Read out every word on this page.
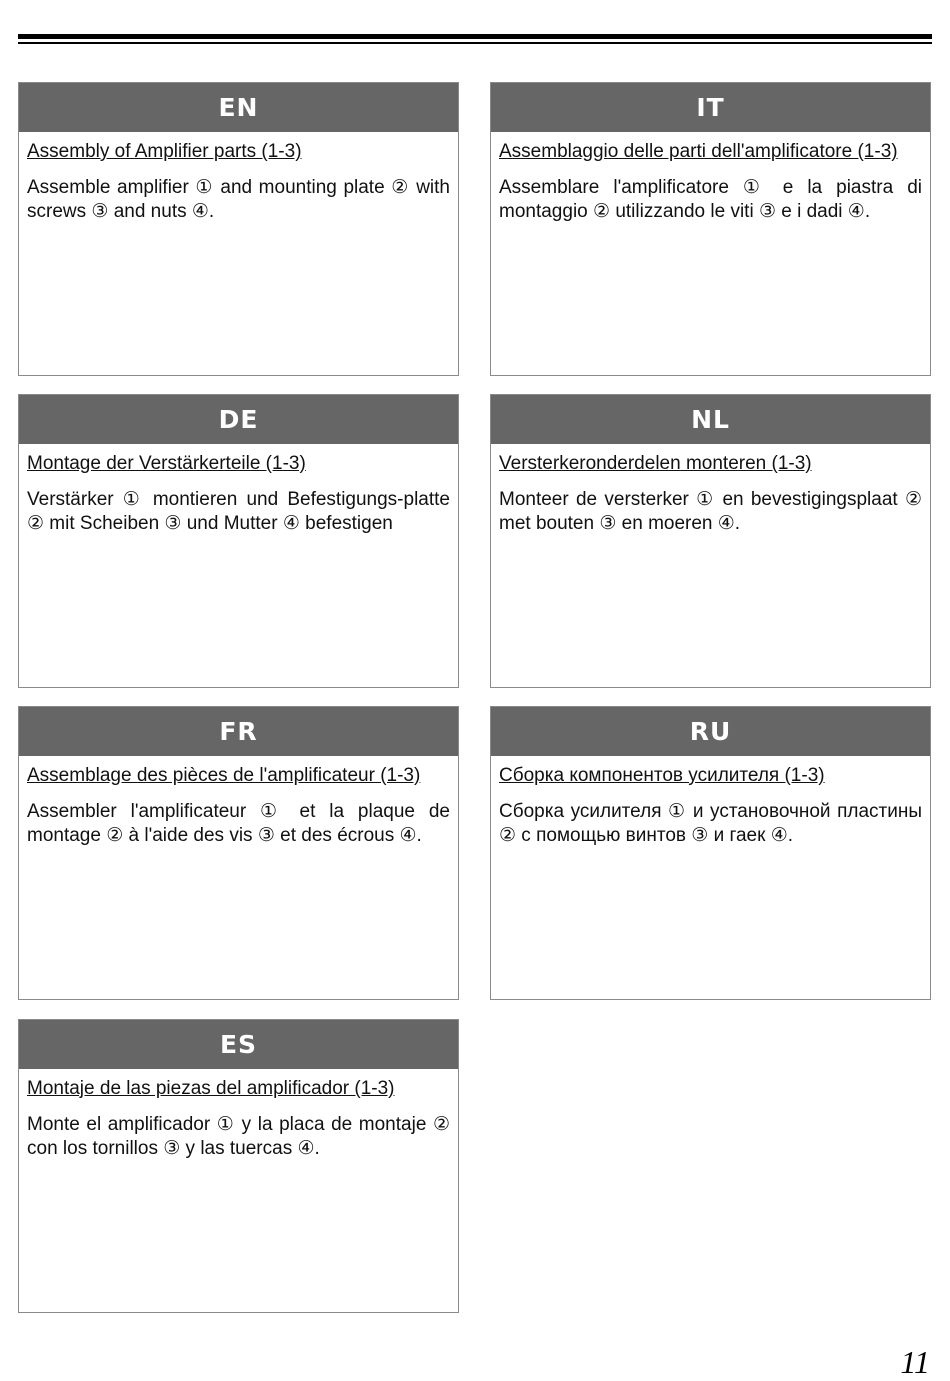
EN

Assembly of Amplifier parts (1-3)

Assemble amplifier ① and mounting plate ② with screws ③ and nuts ④.

IT

Assemblaggio delle parti dell'amplificatore (1-3)

Assemblare l'amplificatore ① e la piastra di montaggio ② utilizzando le viti ③ e i dadi ④.

DE

Montage der Verstärkerteile (1-3)

Verstärker ① montieren und Befestigungs-platte ② mit Scheiben ③ und Mutter ④ befestigen

NL

Versterkeronderdelen monteren (1-3)

Monteer de versterker ① en bevestigingsplaat ② met bouten ③ en moeren ④.

FR

Assemblage des pièces de l'amplificateur (1-3)

Assembler l'amplificateur ① et la plaque de montage ② à l'aide des vis ③ et des écrous ④.

RU

Сборка компонентов усилителя (1-3)

Сборка усилителя ① и установочной пластины ② с помощью винтов ③ и гаек ④.

ES

Montaje de las piezas del amplificador (1-3)

Monte el amplificador ① y la placa de montaje ② con los tornillos ③ y las tuercas ④.

11
